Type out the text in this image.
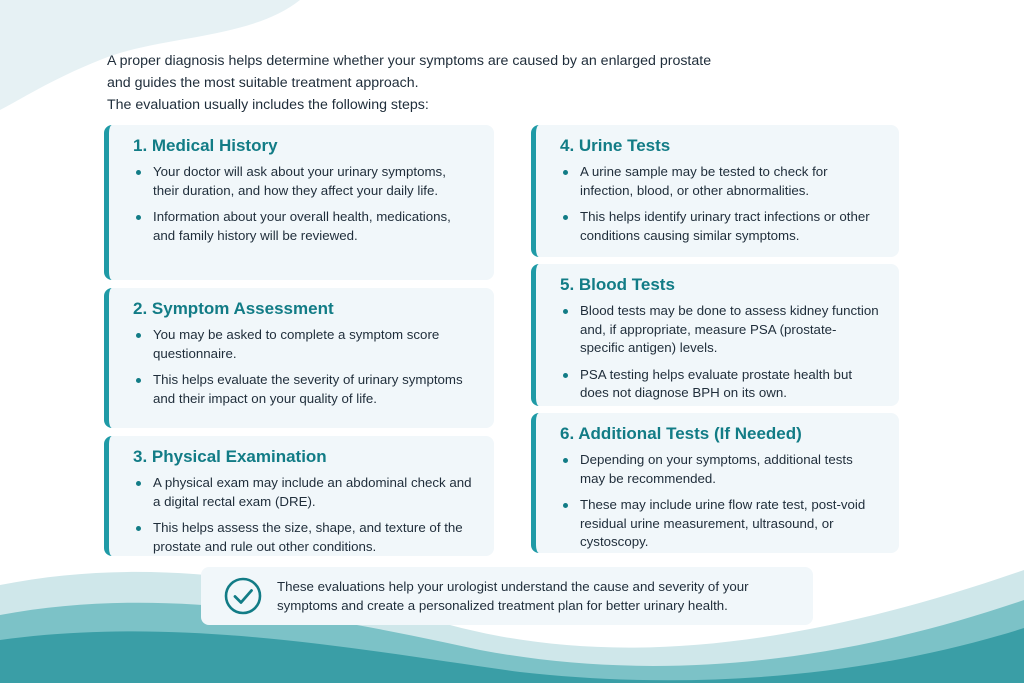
A proper diagnosis helps determine whether your symptoms are caused by an enlarged prostate

and guides the most suitable treatment approach.

The evaluation usually includes the following steps:

1. Medical History
Your doctor will ask about your urinary symptoms, their duration, and how they affect your daily life.
Information about your overall health, medications, and family history will be reviewed.
2. Symptom Assessment
You may be asked to complete a symptom score questionnaire.
This helps evaluate the severity of urinary symptoms and their impact on your quality of life.
3. Physical Examination
A physical exam may include an abdominal check and a digital rectal exam (DRE).
This helps assess the size, shape, and texture of the prostate and rule out other conditions.
4. Urine Tests
A urine sample may be tested to check for infection, blood, or other abnormalities.
This helps identify urinary tract infections or other conditions causing similar symptoms.
5. Blood Tests
Blood tests may be done to assess kidney function and, if appropriate, measure PSA (prostate-specific antigen) levels.
PSA testing helps evaluate prostate health but does not diagnose BPH on its own.
6. Additional Tests (If Needed)
Depending on your symptoms, additional tests may be recommended.
These may include urine flow rate test, post-void residual urine measurement, ultrasound, or cystoscopy.
These evaluations help your urologist understand the cause and severity of your symptoms and create a personalized treatment plan for better urinary health.
